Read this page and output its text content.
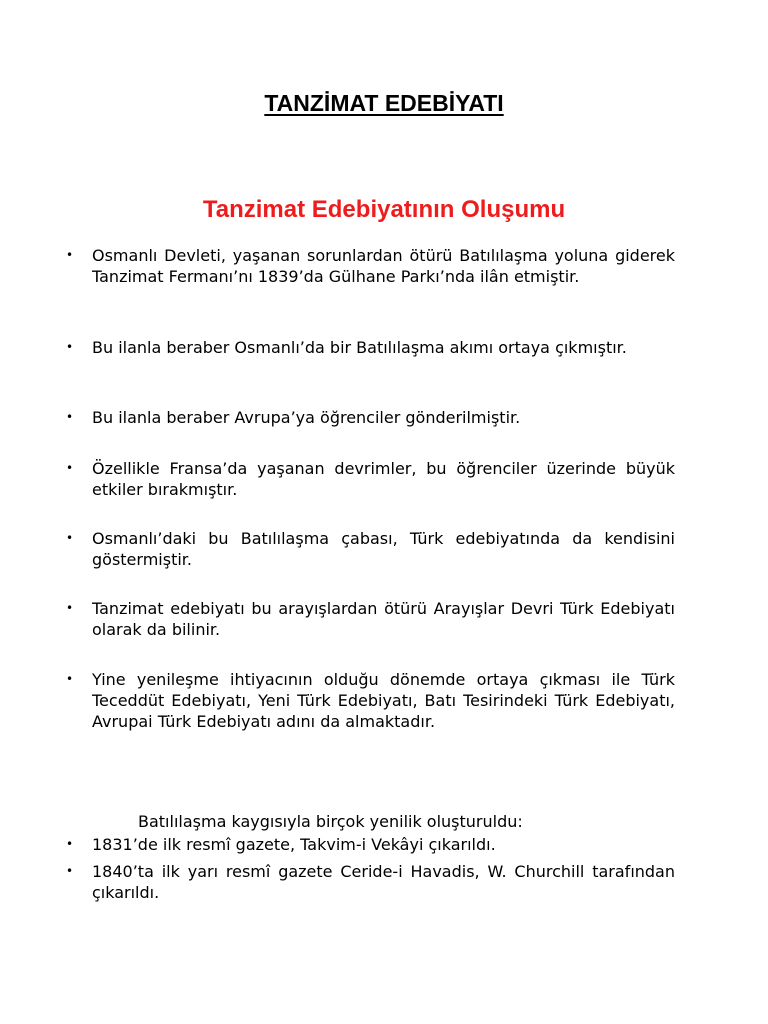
TANZİMAT EDEBİYATI
Tanzimat Edebiyatının Oluşumu
• Osmanlı Devleti, yaşanan sorunlardan ötürü Batılılaşma yoluna giderek Tanzimat Fermanı’nı 1839’da Gülhane Parkı’nda ilân etmiştir.

• Bu ilanla beraber Osmanlı’da bir Batılılaşma akımı ortaya çıkmıştır.

• Bu ilanla beraber Avrupa’ya öğrenciler gönderilmiştir.

• Özellikle Fransa’da yaşanan devrimler, bu öğrenciler üzerinde büyük etkiler bırakmıştır.

• Osmanlı’daki bu Batılılaşma çabası, Türk edebiyatında da kendisini göstermiştir.

• Tanzimat edebiyatı bu arayışlardan ötürü Arayışlar Devri Türk Edebiyatı olarak da bilinir.

• Yine yenileşme ihtiyacının olduğu dönemde ortaya çıkması ile Türk Teceddüt Edebiyatı, Yeni Türk Edebiyatı, Batı Tesirindeki Türk Edebiyatı, Avrupai Türk Edebiyatı adını da almaktadır.

Batılılaşma kaygısıyla birçok yenilik oluşturuldu:

• 1831’de ilk resmî gazete, Takvim-i Vekâyi çıkarıldı.

• 1840’ta ilk yarı resmî gazete Ceride-i Havadis, W. Churchill tarafından çıkarıldı.
